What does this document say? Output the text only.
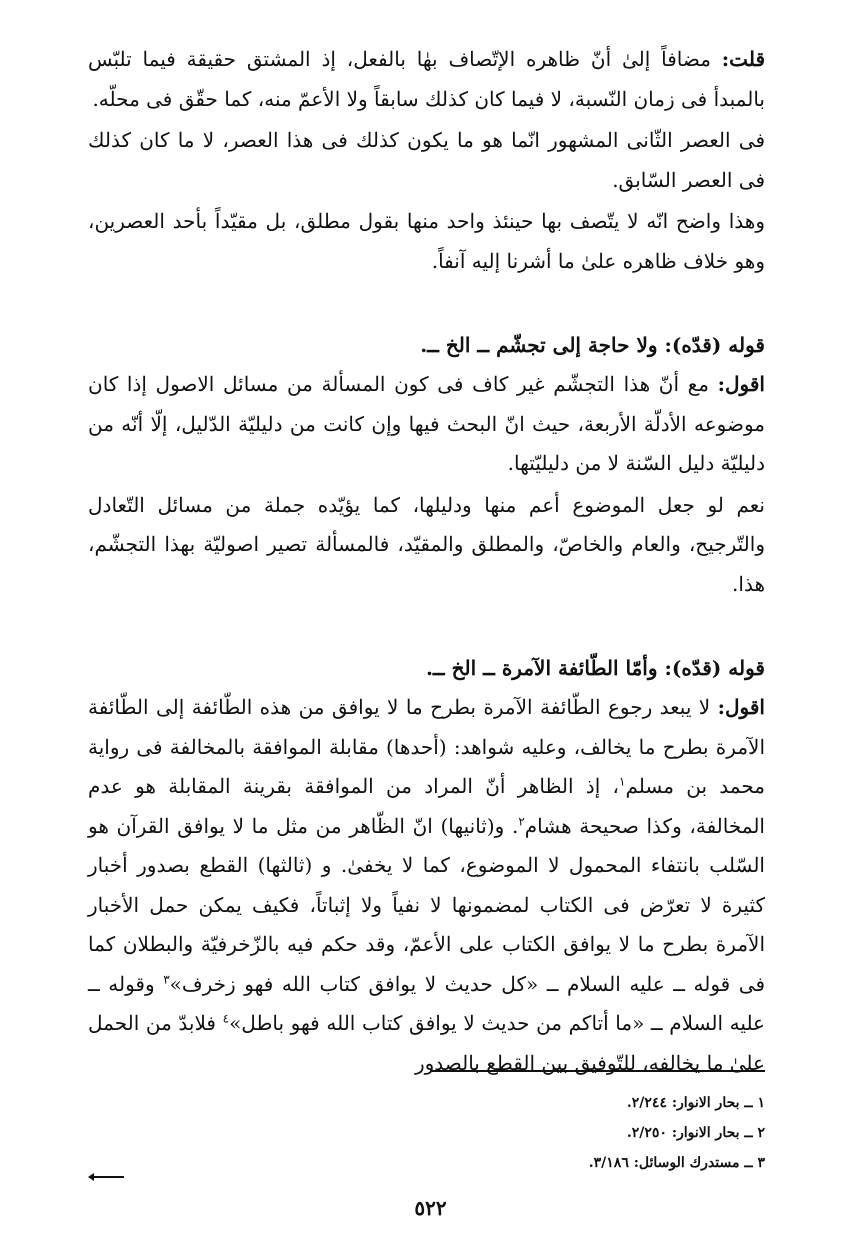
قلت: مضافاً إلىٰ أنّ ظاهره الإتّصاف بهٰا بالفعل، إذ المشتق حقيقة فيما تلبّس بالمبدأ فى زمان النّسبة، لا فيما كان كذلك سابقاً ولا الأعمّ منه، كما حقّق فى محلّه.

فى العصر الثّانى المشهور انّما هو ما يكون كذلك فى هذا العصر، لا ما كان كذلك فى العصر السّابق.

وهذا واضح انّه لا يتّصف بها حينئذ واحد منها بقول مطلق، بل مقيّداً بأحد العصرين، وهو خلاف ظاهره علىٰ ما أشرنا إليه آنفاً.

قوله (قدّه): ولا حاجة إلى تجشّم ــ الخ ــ.

اقول: مع أنّ هذا التجشّم غير كاف فى كون المسألة من مسائل الاصول إذا كان موضوعه الأدلّة الأربعة، حيث انّ البحث فيها وإن كانت من دليليّة الدّليل، إلّا أنّه من دليليّة دليل السّنة لا من دليليّتها.

نعم لو جعل الموضوع أعم منها ودليلها، كما يؤيّده جملة من مسائل التّعادل والتّرجيح، والعام والخاصّ، والمطلق والمقيّد، فالمسألة تصير اصوليّة بهذا التجشّم، هذا.

قوله (قدّه): وأمّا الطّائفة الآمرة ــ الخ ــ.

اقول: لا يبعد رجوع الطّائفة الآمرة بطرح ما لا يوافق من هذه الطّائفة إلى الطّائفة الآمرة بطرح ما يخالف، وعليه شواهد: (أحدها) مقابلة الموافقة بالمخالفة فى رواية محمد بن مسلم$^١$، إذ الظاهر أنّ المراد من الموافقة بقرينة المقابلة هو عدم المخالفة، وكذا صحيحة هشام$^٢$. و(ثانيها) انّ الظّاهر من مثل ما لا يوافق القرآن هو السّلب بانتفاء المحمول لا الموضوع، كما لا يخفىٰ. و (ثالثها) القطع بصدور أخبار كثيرة لا تعرّض فى الكتاب لمضمونها لا نفياً ولا إثباتاً، فكيف يمكن حمل الأخبار الآمرة بطرح ما لا يوافق الكتاب على الأعمّ، وقد حكم فيه بالزّخرفيّة والبطلان كما فى قوله ــ عليه السلام ــ «كل حديث لا يوافق كتاب الله فهو زخرف»$^٣$ وقوله ــ عليه السلام ــ «ما أتاكم من حديث لا يوافق كتاب الله فهو باطل»$^٤$ فلابدّ من الحمل علىٰ ما يخالفه، للتّوفيق بين القطع بالصدور

١ ــ بحار الانوار: ٢/٢٤٤.

٢ ــ بحار الانوار: ٢/٢٥٠.

٣ ــ مستدرك الوسائل: ٣/١٨٦.

٥٢٢
